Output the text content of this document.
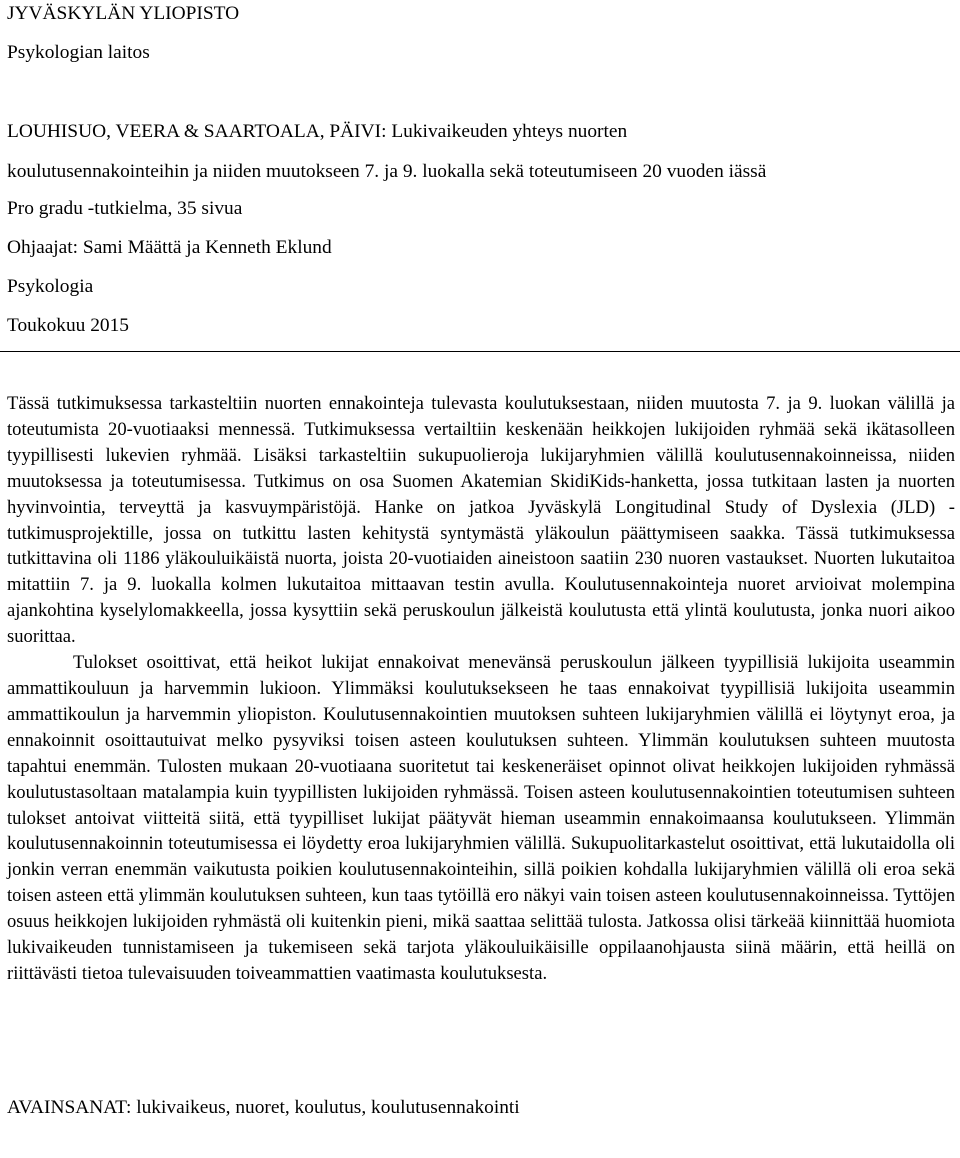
JYVÄSKYLÄN YLIOPISTO

Psykologian laitos

LOUHISUO, VEERA & SAARTOALA, PÄIVI: Lukivaikeuden yhteys nuorten koulutusennakointeihin ja niiden muutokseen 7. ja 9. luokalla sekä toteutumiseen 20 vuoden iässä

Pro gradu -tutkielma, 35 sivua

Ohjaajat: Sami Määttä ja Kenneth Eklund

Psykologia

Toukokuu 2015

Tässä tutkimuksessa tarkasteltiin nuorten ennakointeja tulevasta koulutuksestaan, niiden muutosta 7. ja 9. luokan välillä ja toteutumista 20-vuotiaaksi mennessä. Tutkimuksessa vertailtiin keskenään heikkojen lukijoiden ryhmää sekä ikätasolleen tyypillisesti lukevien ryhmää. Lisäksi tarkasteltiin sukupuolieroja lukijaryhmien välillä koulutusennakoinneissa, niiden muutoksessa ja toteutumisessa. Tutkimus on osa Suomen Akatemian SkidiKids-hanketta, jossa tutkitaan lasten ja nuorten hyvinvointia, terveyttä ja kasvuympäristöjä. Hanke on jatkoa Jyväskylä Longitudinal Study of Dyslexia (JLD) -tutkimusprojektille, jossa on tutkittu lasten kehitystä syntymästä yläkoulun päättymiseen saakka. Tässä tutkimuksessa tutkittavina oli 1186 yläkouluikäistä nuorta, joista 20-vuotiaiden aineistoon saatiin 230 nuoren vastaukset. Nuorten lukutaitoa mitattiin 7. ja 9. luokalla kolmen lukutaitoa mittaavan testin avulla. Koulutusennakointeja nuoret arvioivat molempina ajankohtina kyselylomakkeella, jossa kysyttiin sekä peruskoulun jälkeistä koulutusta että ylintä koulutusta, jonka nuori aikoo suorittaa.

Tulokset osoittivat, että heikot lukijat ennakoivat menevänsä peruskoulun jälkeen tyypillisiä lukijoita useammin ammattikouluun ja harvemmin lukioon. Ylimmäksi koulutuksekseen he taas ennakoivat tyypillisiä lukijoita useammin ammattikoulun ja harvemmin yliopiston. Koulutusennakointien muutoksen suhteen lukijaryhmien välillä ei löytynyt eroa, ja ennakoinnit osoittautuivat melko pysyviksi toisen asteen koulutuksen suhteen. Ylimmän koulutuksen suhteen muutosta tapahtui enemmän. Tulosten mukaan 20-vuotiaana suoritetut tai keskeneräiset opinnot olivat heikkojen lukijoiden ryhmässä koulutustasoltaan matalampia kuin tyypillisten lukijoiden ryhmässä. Toisen asteen koulutusennakointien toteutumisen suhteen tulokset antoivat viitteitä siitä, että tyypilliset lukijat päätyvät hieman useammin ennakoimaansa koulutukseen. Ylimmän koulutusennakoinnin toteutumisessa ei löydetty eroa lukijaryhmien välillä. Sukupuolitarkastelut osoittivat, että lukutaidolla oli jonkin verran enemmän vaikutusta poikien koulutusennakointeihin, sillä poikien kohdalla lukijaryhmien välillä oli eroa sekä toisen asteen että ylimmän koulutuksen suhteen, kun taas tytöillä ero näkyi vain toisen asteen koulutusennakoinneissa. Tyttöjen osuus heikkojen lukijoiden ryhmästä oli kuitenkin pieni, mikä saattaa selittää tulosta. Jatkossa olisi tärkeää kiinnittää huomiota lukivaikeuden tunnistamiseen ja tukemiseen sekä tarjota yläkouluikäisille oppilaanohjausta siinä määrin, että heillä on riittävästi tietoa tulevaisuuden toiveammattien vaatimasta koulutuksesta.

AVAINSANAT: lukivaikeus, nuoret, koulutus, koulutusennakointi
